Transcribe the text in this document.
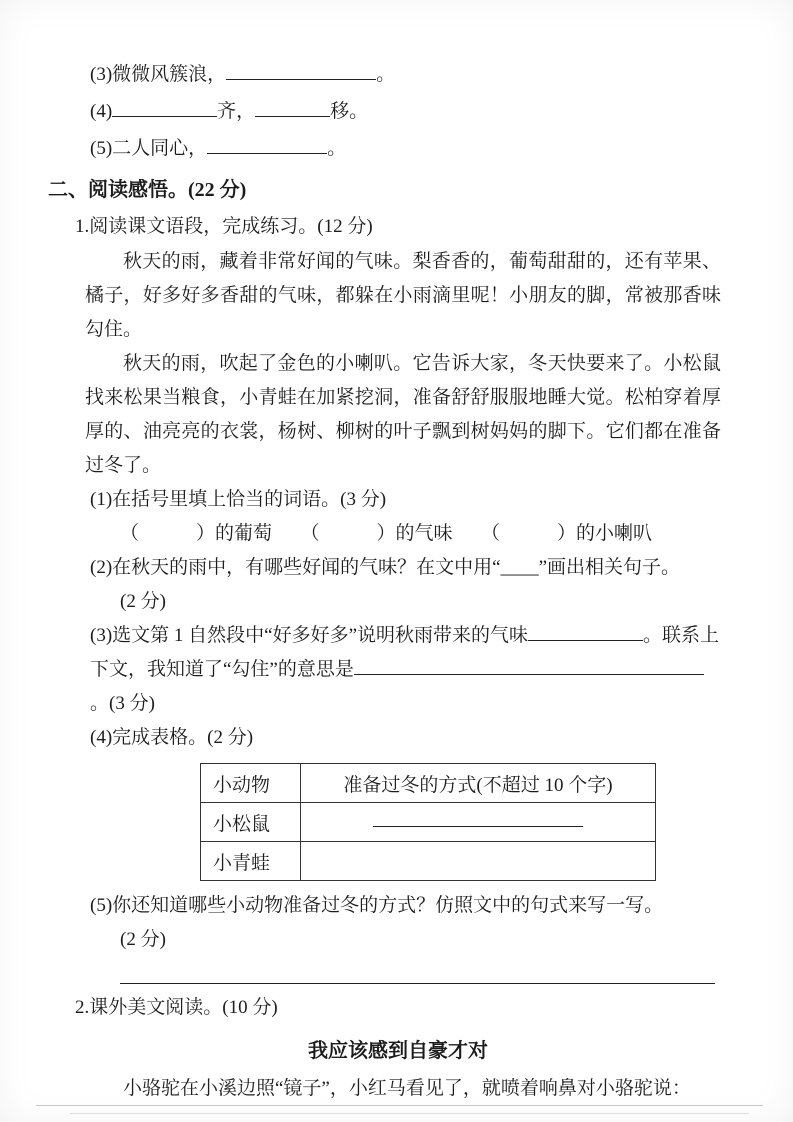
(3)微微风簇浪，	。
(4)	齐，	移。
(5)二人同心，	。
二、阅读感悟。(22 分)
1.阅读课文语段，完成练习。(12 分)
秋天的雨，藏着非常好闻的气味。梨香香的，葡萄甜甜的，还有苹果、橘子，好多好多香甜的气味，都躲在小雨滴里呢！小朋友的脚，常被那香味勾住。
秋天的雨，吹起了金色的小喇叭。它告诉大家，冬天快要来了。小松鼠找来松果当粮食，小青蛙在加紧挖洞，准备舒舒服服地睡大觉。松柏穿着厚厚的、油亮亮的衣裳，杨树、柳树的叶子飘到树妈妈的脚下。它们都在准备过冬了。
(1)在括号里填上恰当的词语。(3 分)
（　　　）的葡萄　　（　　　）的气味　　（　　　）的小喇叭
(2)在秋天的雨中，有哪些好闻的气味？在文中用“____”画出相关句子。
(2 分)
(3)选文第 1 自然段中“好多好多”说明秋雨带来的气味	。联系上下文，我知道了“勾住”的意思是。(3 分)
(4)完成表格。(2 分)
小动物	准备过冬的方式(不超过 10 个字)
小松鼠	
小青蛙	
(5)你还知道哪些小动物准备过冬的方式？仿照文中的句式来写一写。
(2 分)
2.课外美文阅读。(10 分)
我应该感到自豪才对
小骆驼在小溪边照“镜子”，小红马看见了，就喷着响鼻对小骆驼说：
